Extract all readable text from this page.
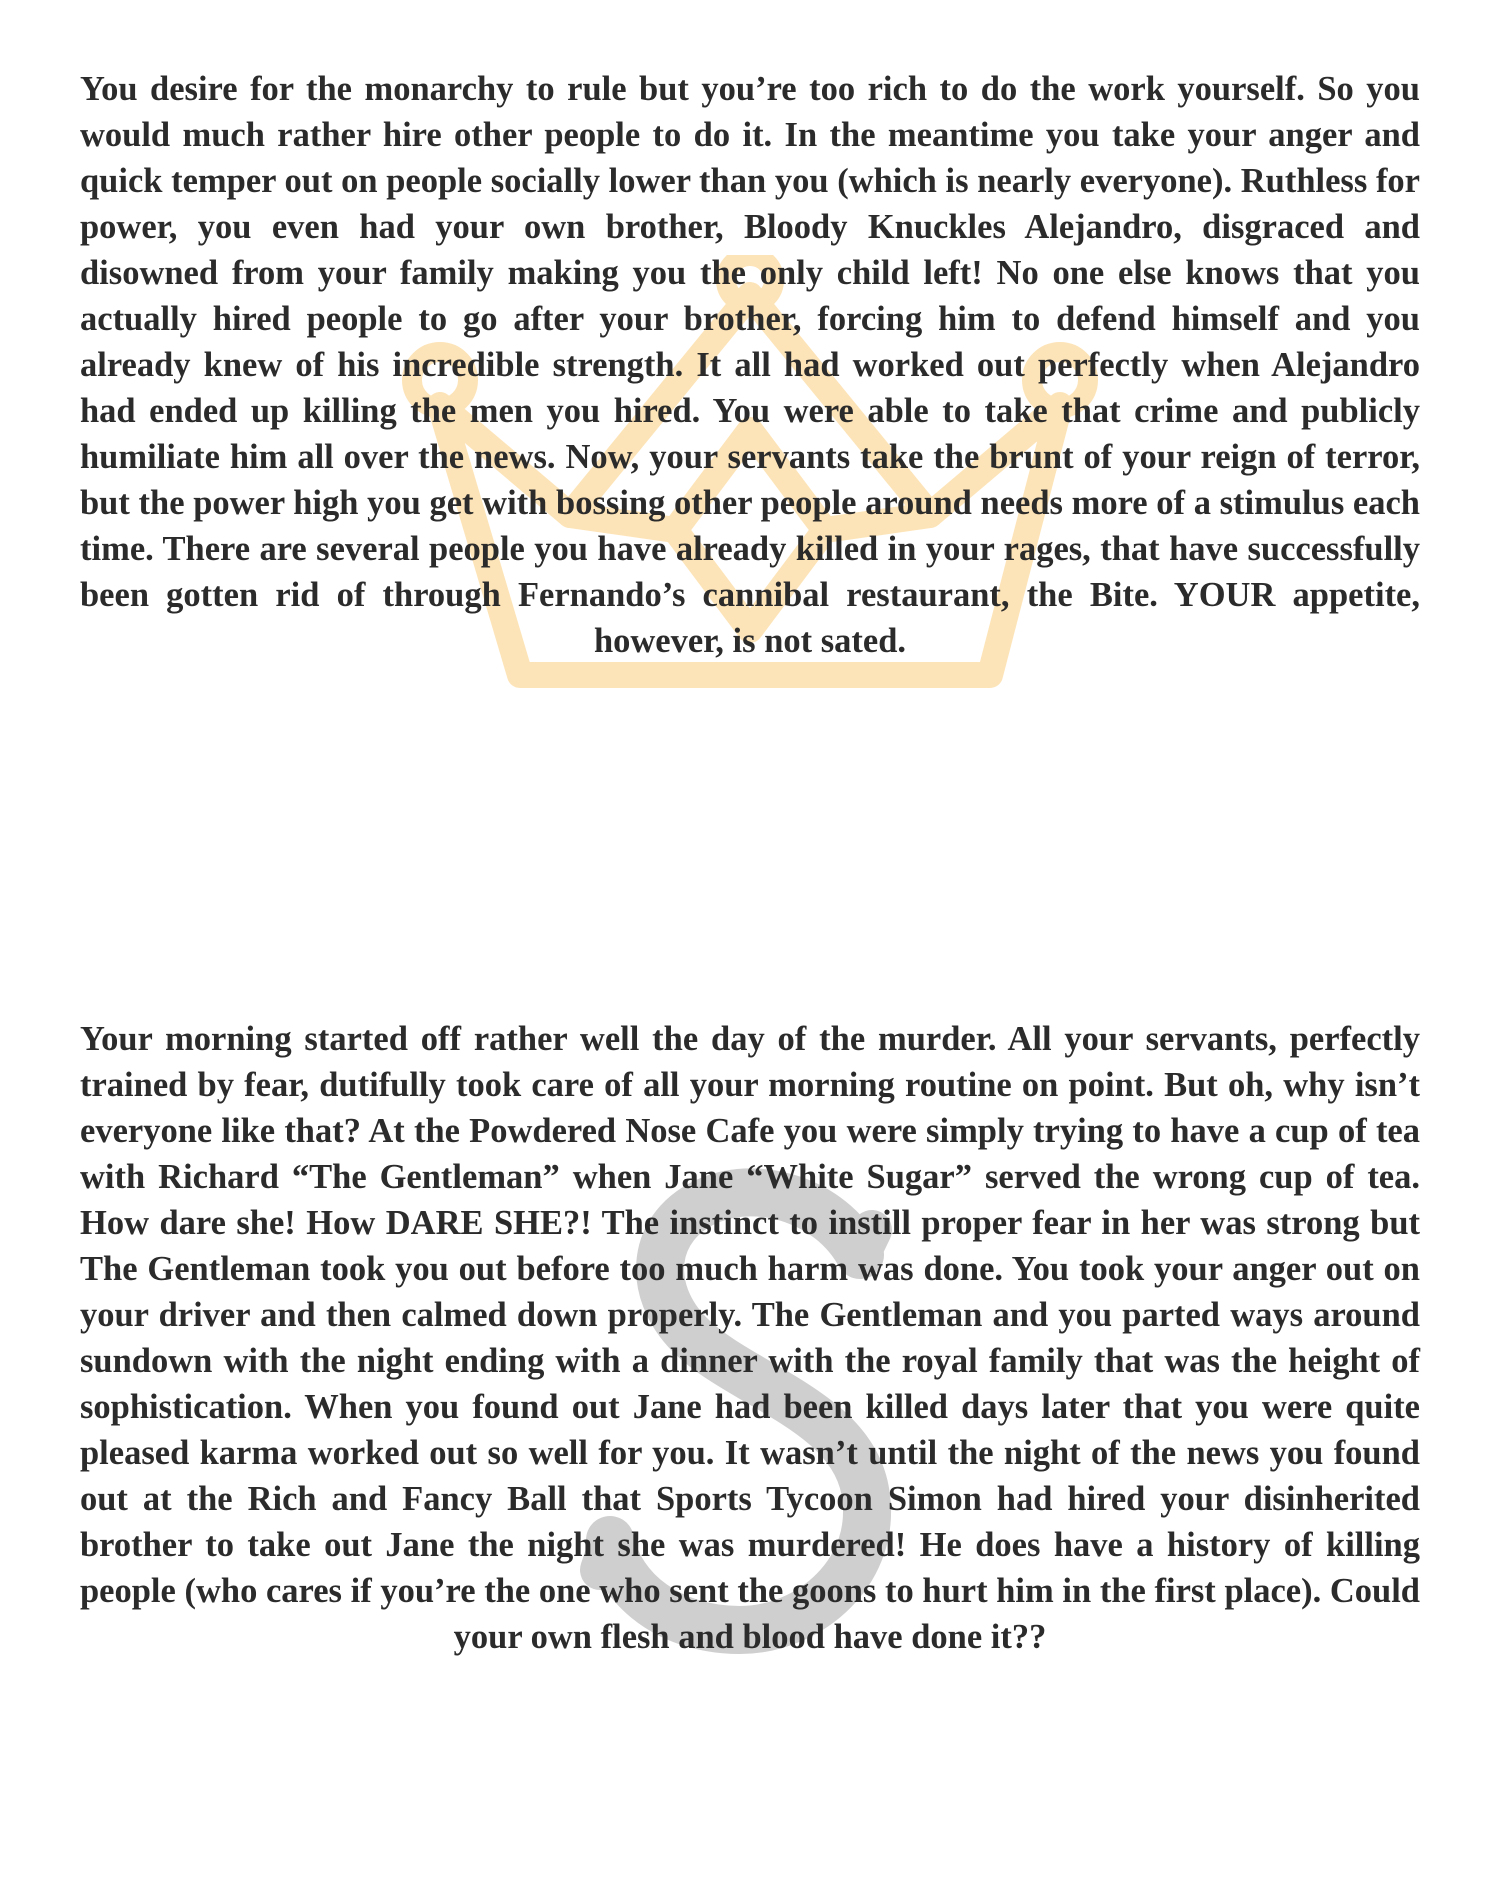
You desire for the monarchy to rule but you’re too rich to do the work yourself. So you would much rather hire other people to do it. In the meantime you take your anger and quick temper out on people socially lower than you (which is nearly everyone). Ruthless for power, you even had your own brother, Bloody Knuckles Alejandro, disgraced and disowned from your family making you the only child left! No one else knows that you actually hired people to go after your brother, forcing him to defend himself and you already knew of his incredible strength. It all had worked out perfectly when Alejandro had ended up killing the men you hired. You were able to take that crime and publicly humiliate him all over the news. Now, your servants take the brunt of your reign of terror, but the power high you get with bossing other people around needs more of a stimulus each time. There are several people you have already killed in your rages, that have successfully been gotten rid of through Fernando’s cannibal restaurant, the Bite. YOUR appetite, however, is not sated.

Your morning started off rather well the day of the murder. All your servants, perfectly trained by fear, dutifully took care of all your morning routine on point. But oh, why isn’t everyone like that? At the Powdered Nose Cafe you were simply trying to have a cup of tea with Richard “The Gentleman” when Jane “White Sugar” served the wrong cup of tea. How dare she! How DARE SHE?! The instinct to instill proper fear in her was strong but The Gentleman took you out before too much harm was done. You took your anger out on your driver and then calmed down properly. The Gentleman and you parted ways around sundown with the night ending with a dinner with the royal family that was the height of sophistication. When you found out Jane had been killed days later that you were quite pleased karma worked out so well for you. It wasn’t until the night of the news you found out at the Rich and Fancy Ball that Sports Tycoon Simon had hired your disinherited brother to take out Jane the night she was murdered! He does have a history of killing people (who cares if you’re the one who sent the goons to hurt him in the first place). Could your own flesh and blood have done it??
